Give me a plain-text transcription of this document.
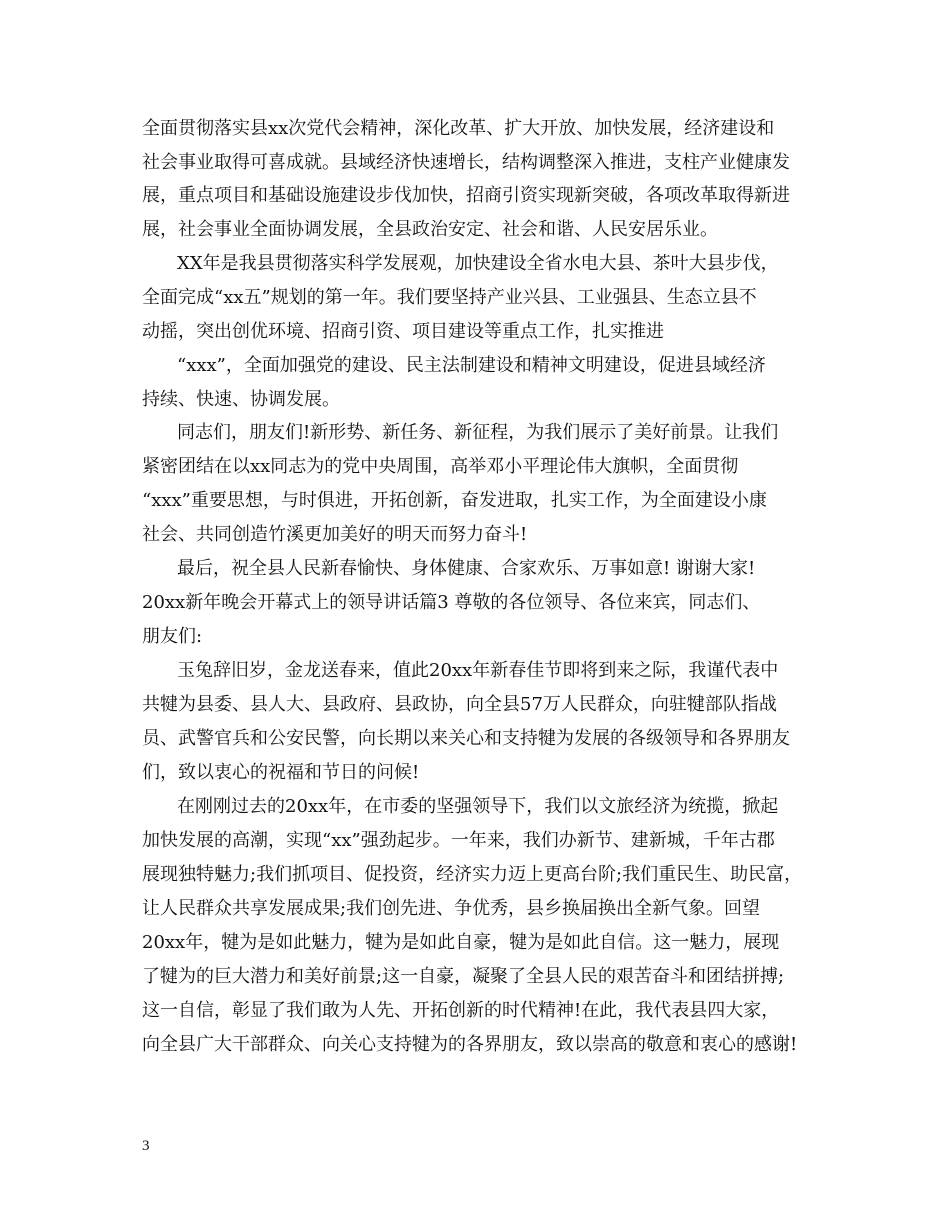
全面贯彻落实县xx次党代会精神，深化改革、扩大开放、加快发展，经济建设和
社会事业取得可喜成就。县域经济快速增长，结构调整深入推进，支柱产业健康发
展，重点项目和基础设施建设步伐加快，招商引资实现新突破，各项改革取得新进
展，社会事业全面协调发展，全县政治安定、社会和谐、人民安居乐业。
XX年是我县贯彻落实科学发展观，加快建设全省水电大县、茶叶大县步伐，
全面完成“xx五”规划的第一年。我们要坚持产业兴县、工业强县、生态立县不
动摇，突出创优环境、招商引资、项目建设等重点工作，扎实推进
“xxx”，全面加强党的建设、民主法制建设和精神文明建设，促进县域经济
持续、快速、协调发展。
同志们，朋友们!新形势、新任务、新征程，为我们展示了美好前景。让我们
紧密团结在以xx同志为的党中央周围，高举邓小平理论伟大旗帜，全面贯彻
“xxx”重要思想，与时俱进，开拓创新，奋发进取，扎实工作，为全面建设小康
社会、共同创造竹溪更加美好的明天而努力奋斗!
最后，祝全县人民新春愉快、身体健康、合家欢乐、万事如意! 谢谢大家!
20xx新年晚会开幕式上的领导讲话篇3 尊敬的各位领导、各位来宾，同志们、
朋友们:
玉兔辞旧岁，金龙送春来，值此20xx年新春佳节即将到来之际，我谨代表中
共犍为县委、县人大、县政府、县政协，向全县57万人民群众，向驻犍部队指战
员、武警官兵和公安民警，向长期以来关心和支持犍为发展的各级领导和各界朋友
们，致以衷心的祝福和节日的问候!
在刚刚过去的20xx年，在市委的坚强领导下，我们以文旅经济为统揽，掀起
加快发展的高潮，实现“xx”强劲起步。一年来，我们办新节、建新城，千年古郡
展现独特魅力;我们抓项目、促投资，经济实力迈上更高台阶;我们重民生、助民富，
让人民群众共享发展成果;我们创先进、争优秀，县乡换届换出全新气象。回望
20xx年，犍为是如此魅力，犍为是如此自豪，犍为是如此自信。这一魅力，展现
了犍为的巨大潜力和美好前景;这一自豪，凝聚了全县人民的艰苦奋斗和团结拼搏;
这一自信，彰显了我们敢为人先、开拓创新的时代精神!在此，我代表县四大家，
向全县广大干部群众、向关心支持犍为的各界朋友，致以崇高的敬意和衷心的感谢!
3
